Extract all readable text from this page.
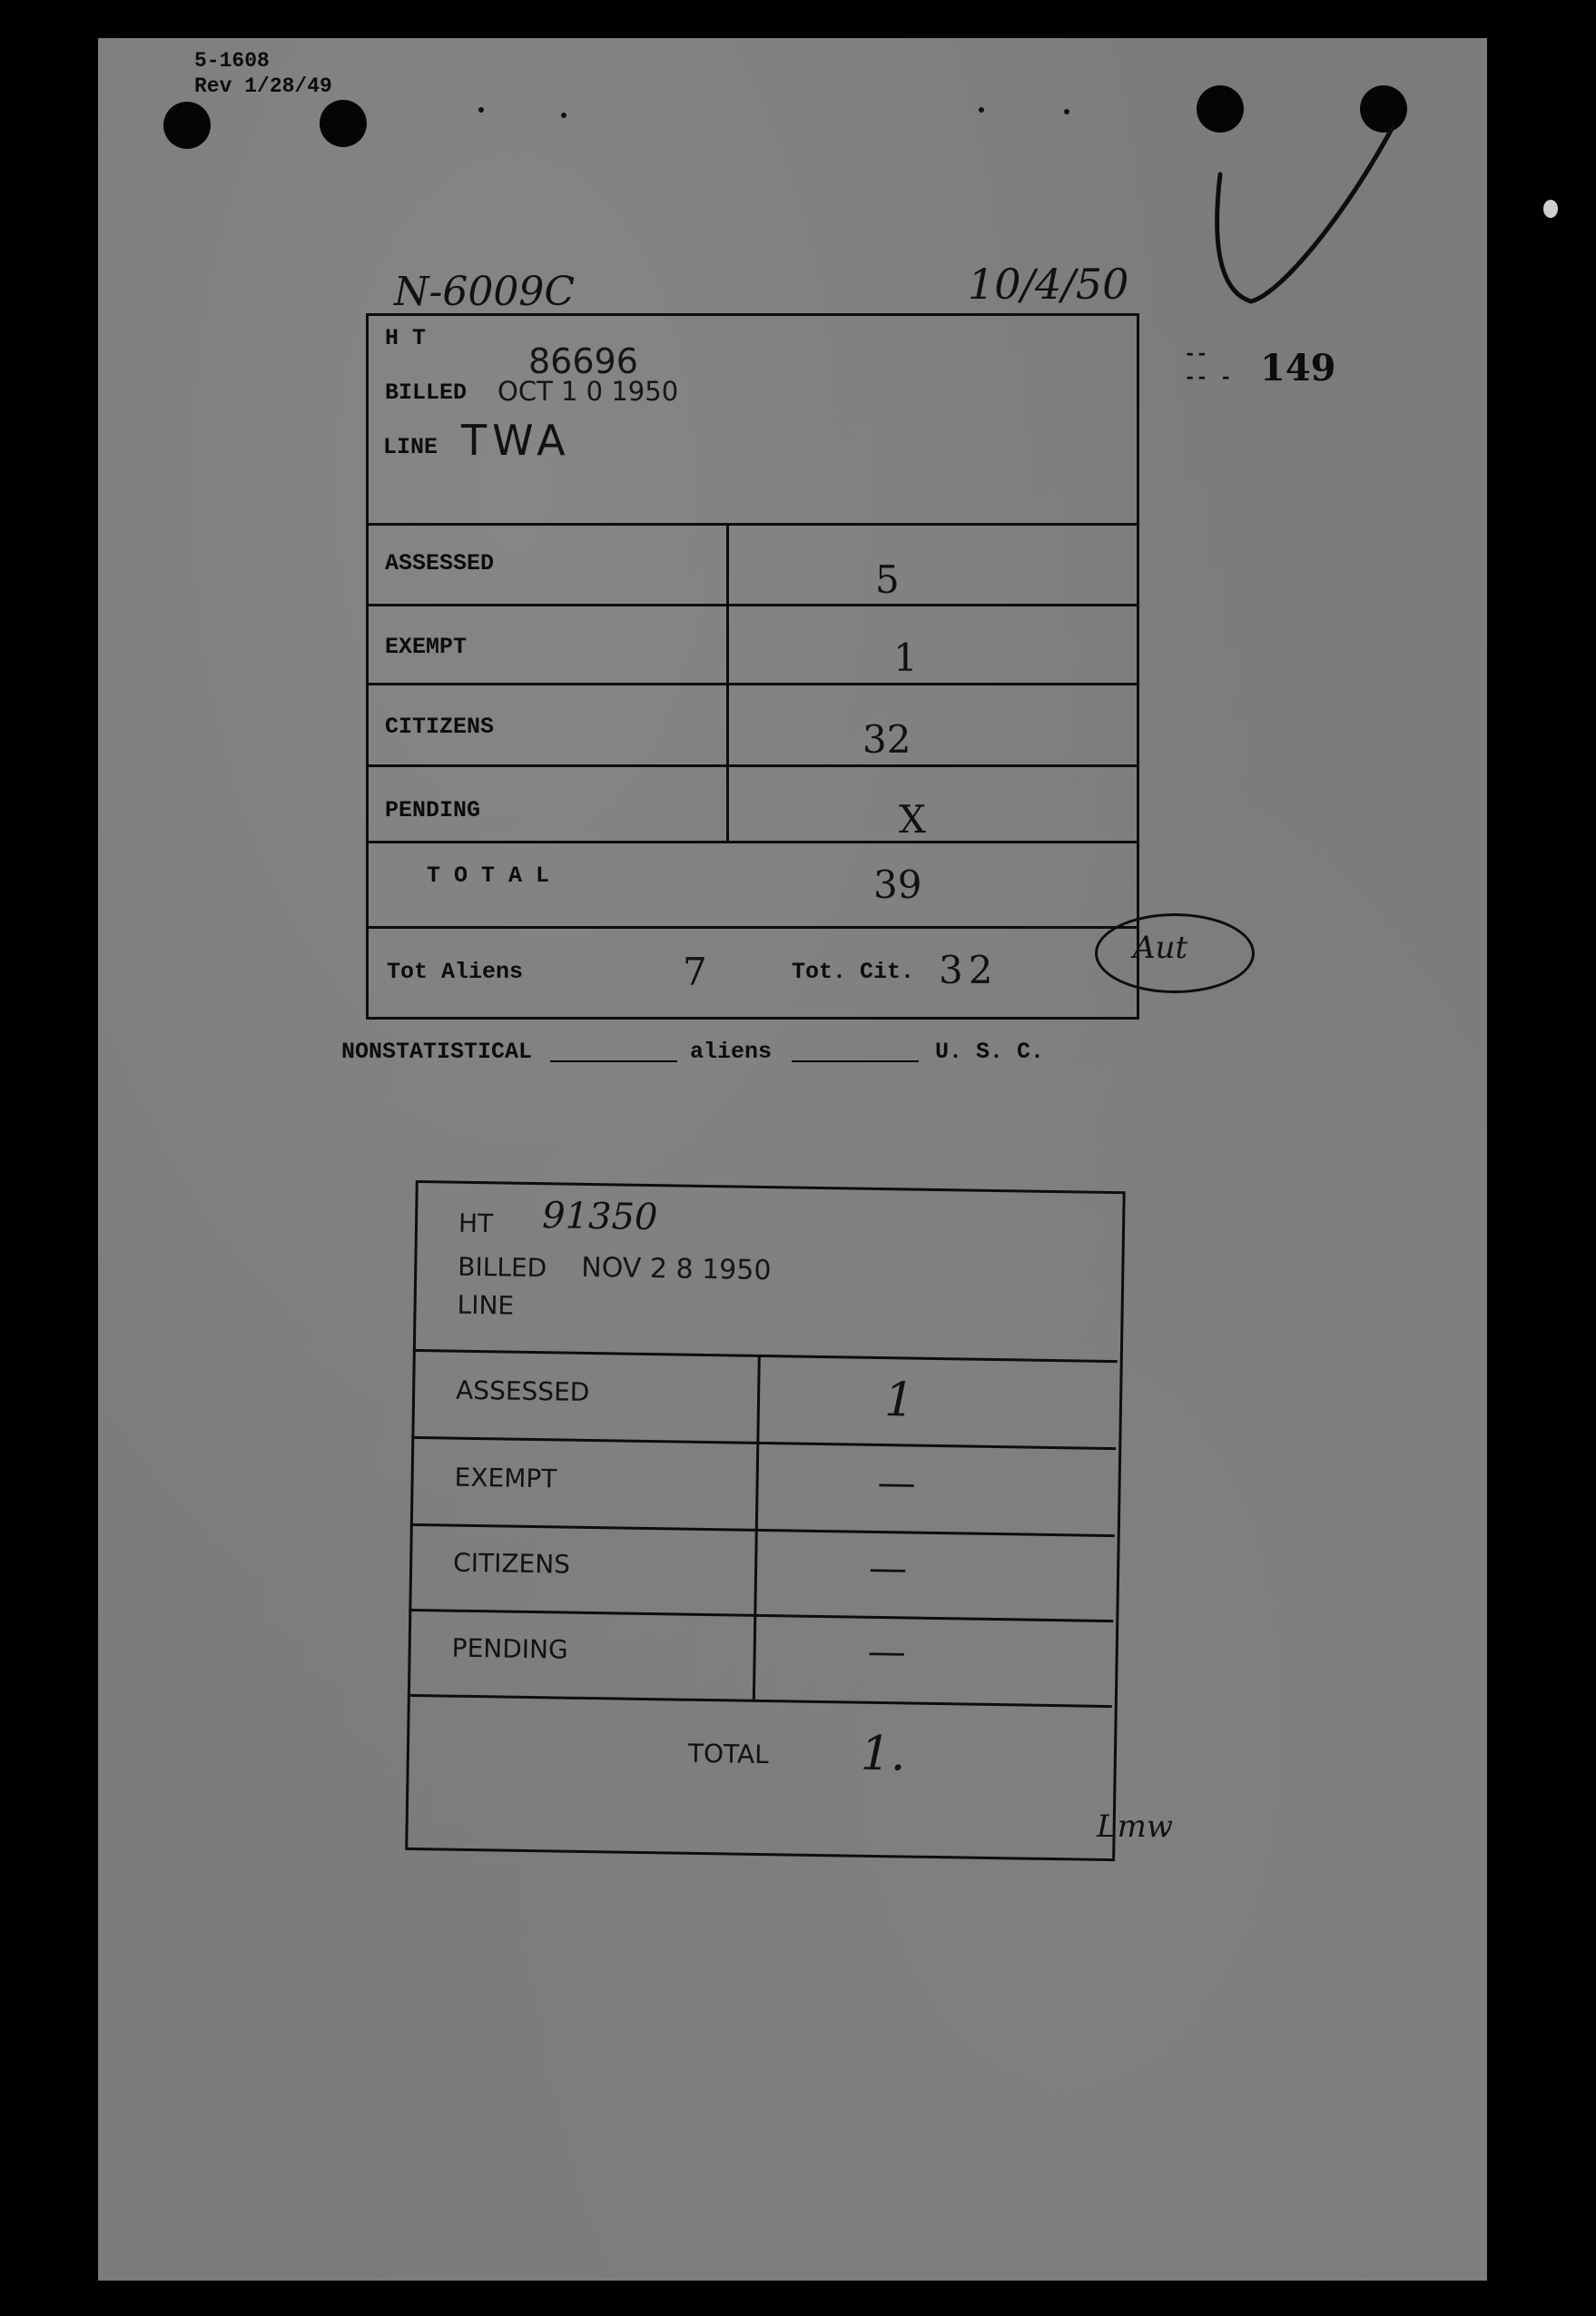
5-1608
Rev 1/28/49
N-6009C	10/4/50
149
--
-- -
H T
86696
BILLED OCT 1 0 1950
LINE TWA
ASSESSED	5
EXEMPT	1
CITIZENS	32
PENDING	X
T O T A L	39
Tot Aliens	7	Tot. Cit. 32	Aut
NONSTATISTICAL	aliens	U. S. C.
HT 91350
BILLED NOV 2 8 1950
LINE
ASSESSED	1
EXEMPT	—
CITIZENS	—
PENDING	—
TOTAL 1.
Lmw
